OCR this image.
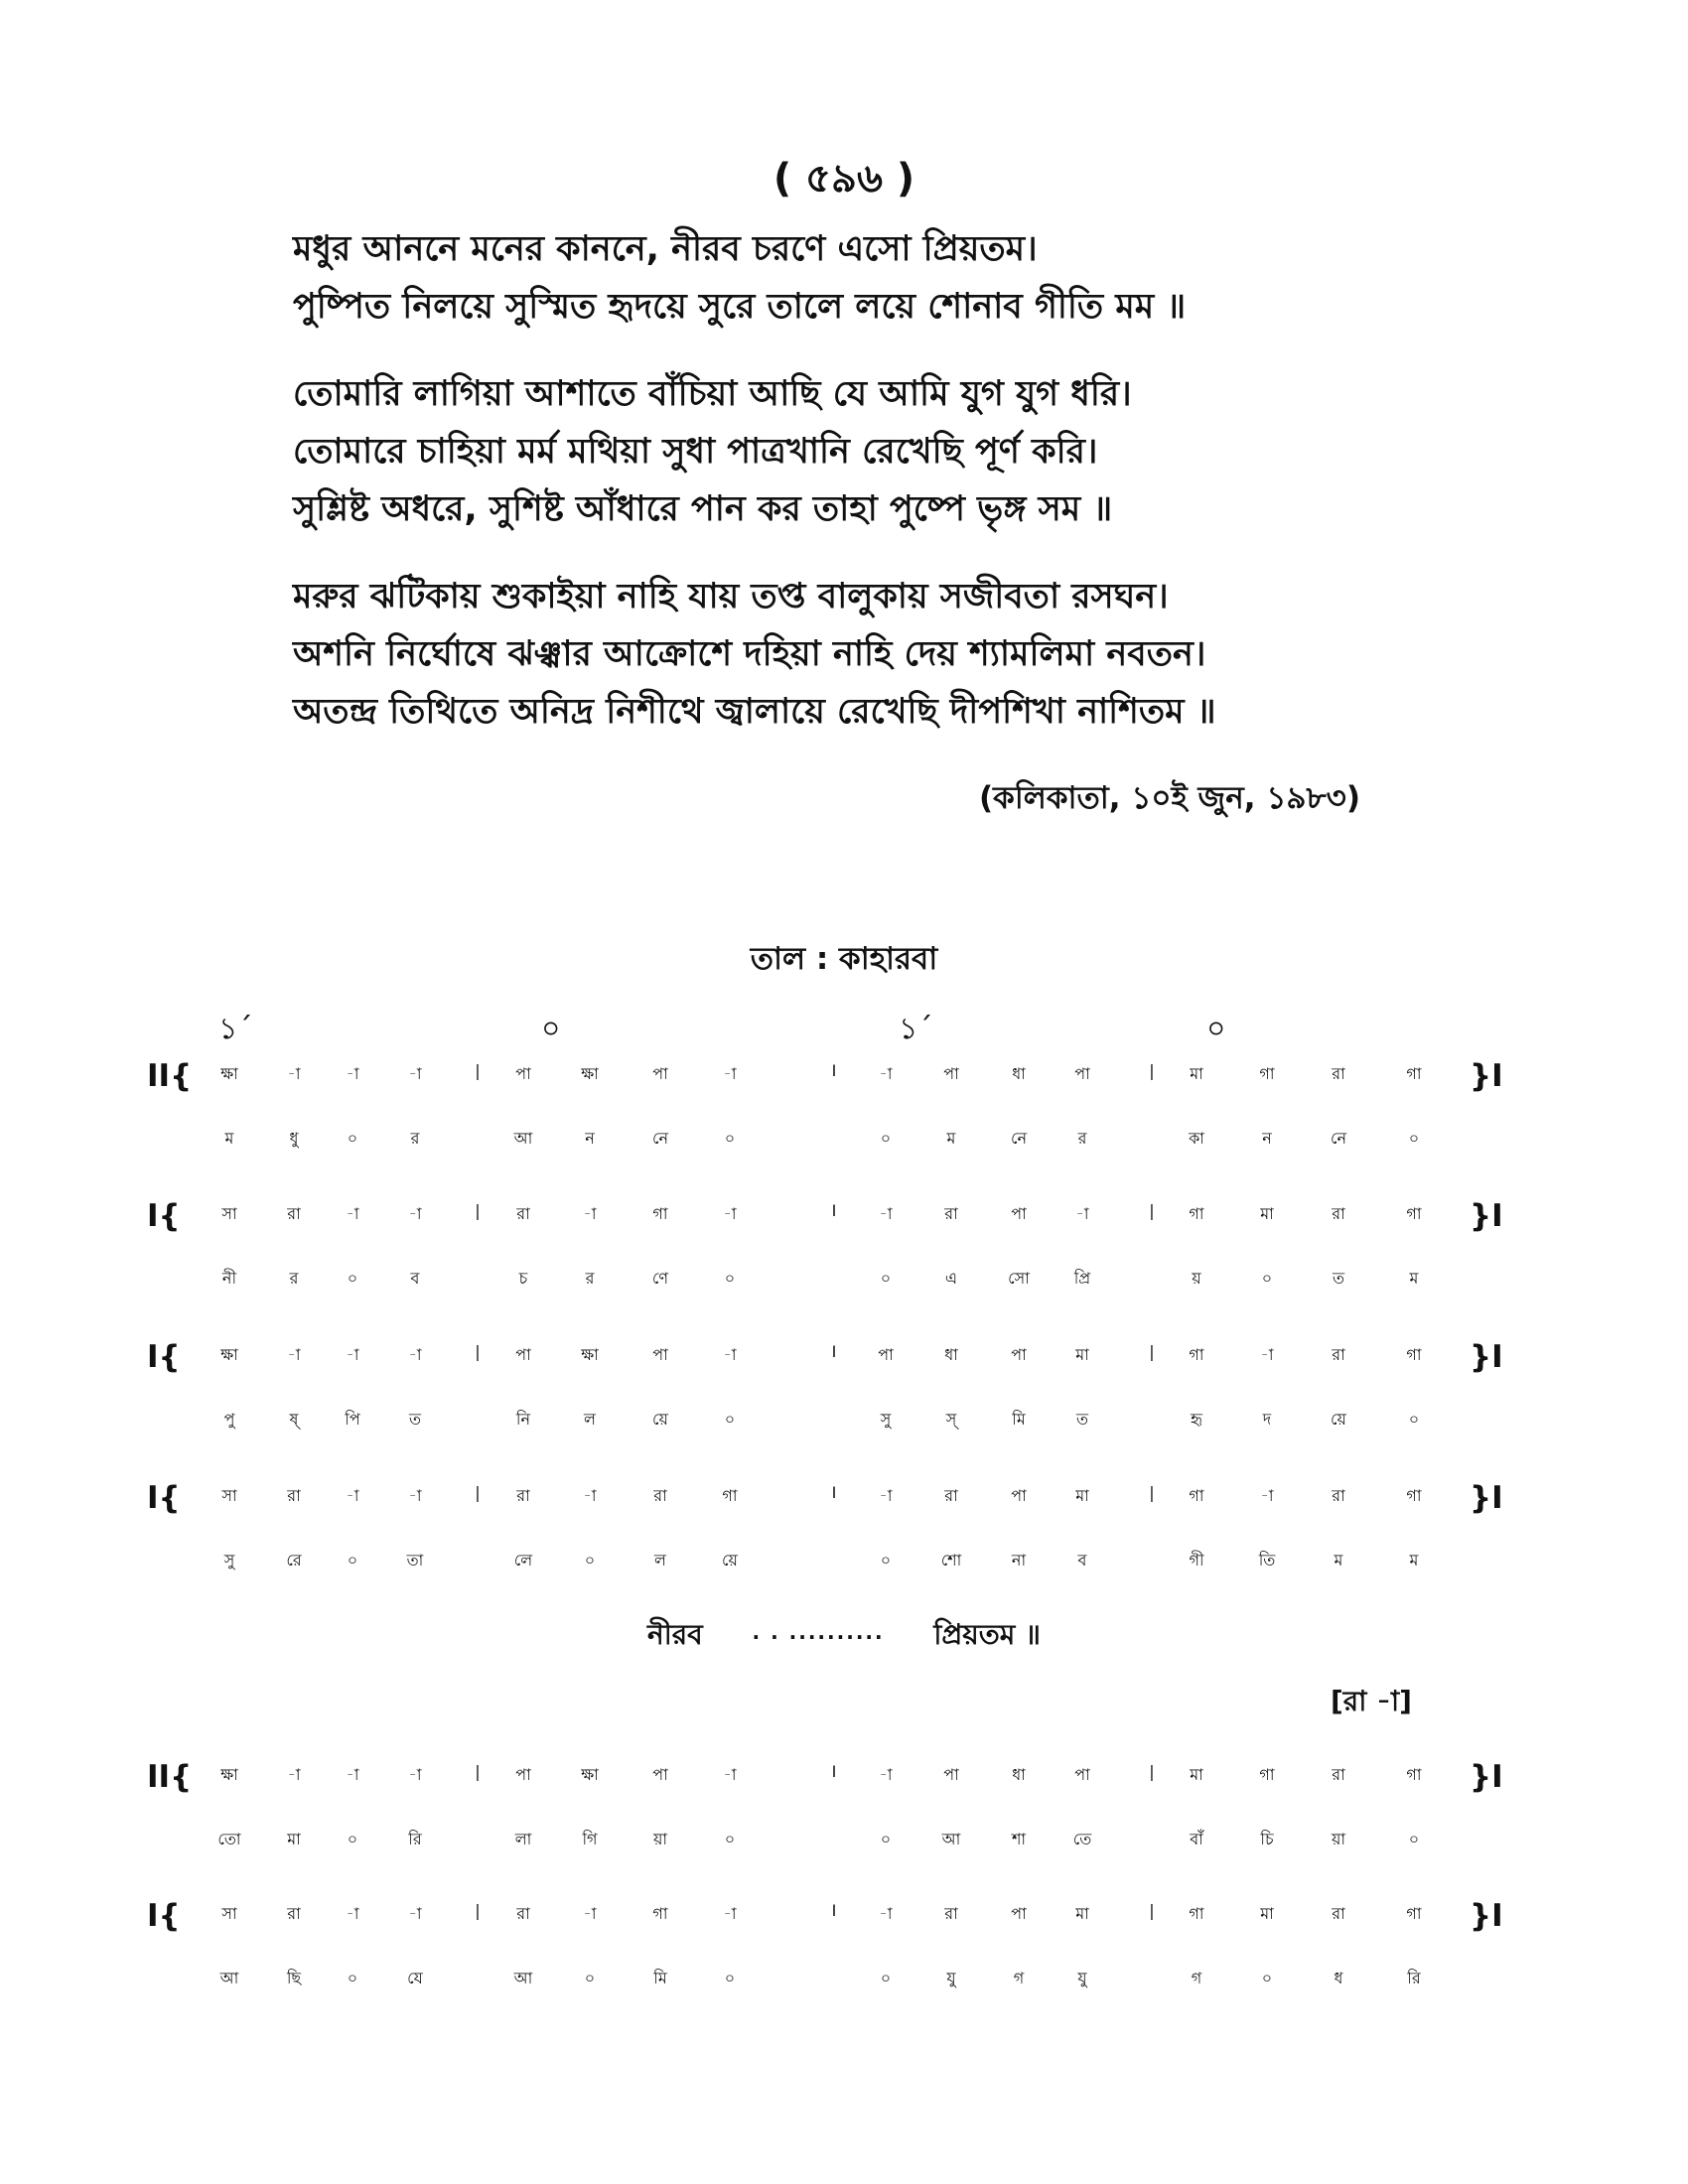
( ৫৯৬ )
মধুর আননে মনের কাননে, নীরব চরণে এসো প্রিয়তম।
পুষ্পিত নিলয়ে সুস্মিত হৃদয়ে সুরে তালে লয়ে শোনাব গীতি মম ॥
তোমারি লাগিয়া আশাতে বাঁচিয়া আছি যে আমি যুগ যুগ ধরি।
তোমারে চাহিয়া মর্ম মথিয়া সুধা পাত্রখানি রেখেছি পূর্ণ করি।
সুশ্লিষ্ট অধরে, সুশিষ্ট আঁধারে পান কর তাহা পুষ্পে ভৃঙ্গ সম ॥
মরুর ঝটিকায় শুকাইয়া নাহি যায় তপ্ত বালুকায় সজীবতা রসঘন।
অশনি নির্ঘোষে ঝঞ্ঝার আক্রোশে দহিয়া নাহি দেয় শ্যামলিমা নবতন।
অতন্দ্র তিথিতে অনিদ্র নিশীথে জ্বালায়ে রেখেছি দীপশিখা নাশিতম ॥
(কলিকাতা, ১০ই জুন, ১৯৮৩)
তাল : কাহারবা
১´	০	১´	০
II{	}I
ক্ষা	-া	-া	-া	পা	ক্ষা	পা	-া	-া	পা	ধা	পা	মা	গা	রা	গা
ম	ধু	০	র	আ	ন	নে	০	০	ম	নে	র	কা	ন	নে	০
|	|
I
I{	}I
সা	রা	-া	-া	রা	-া	গা	-া	-া	রা	পা	-া	গা	মা	রা	গা
নী	র	০	ব	চ	র	ণে	০	০	এ	সো	প্রি	য়	০	ত	ম
|	|
I
I{	}I
ক্ষা	-া	-া	-া	পা	ক্ষা	পা	-া	পা	ধা	পা	মা	গা	-া	রা	গা
পু	ষ্	পি	ত	নি	ল	য়ে	০	সু	স্	মি	ত	হৃ	দ	য়ে	০
|	|
I
I{	}I
সা	রা	-া	-া	রা	-া	রা	গা	-া	রা	পা	মা	গা	-া	রা	গা
সু	রে	০	তা	লে	০	ল	য়ে	০	শো	না	ব	গী	তি	ম	ম
|	|
I
II{	}I
ক্ষা	-া	-া	-া	পা	ক্ষা	পা	-া	-া	পা	ধা	পা	মা	গা	রা	গা
তো	মা	০	রি	লা	গি	য়া	০	০	আ	শা	তে	বাঁ	চি	য়া	০
|	|
I
I{	}I
সা	রা	-া	-া	রা	-া	গা	-া	-া	রা	পা	মা	গা	মা	রা	গা
আ	ছি	০	যে	আ	০	মি	০	০	যু	গ	যু	গ	০	ধ	রি
|	|
I
নীরব · · ·········· প্রিয়তম ॥
[রা -া]
